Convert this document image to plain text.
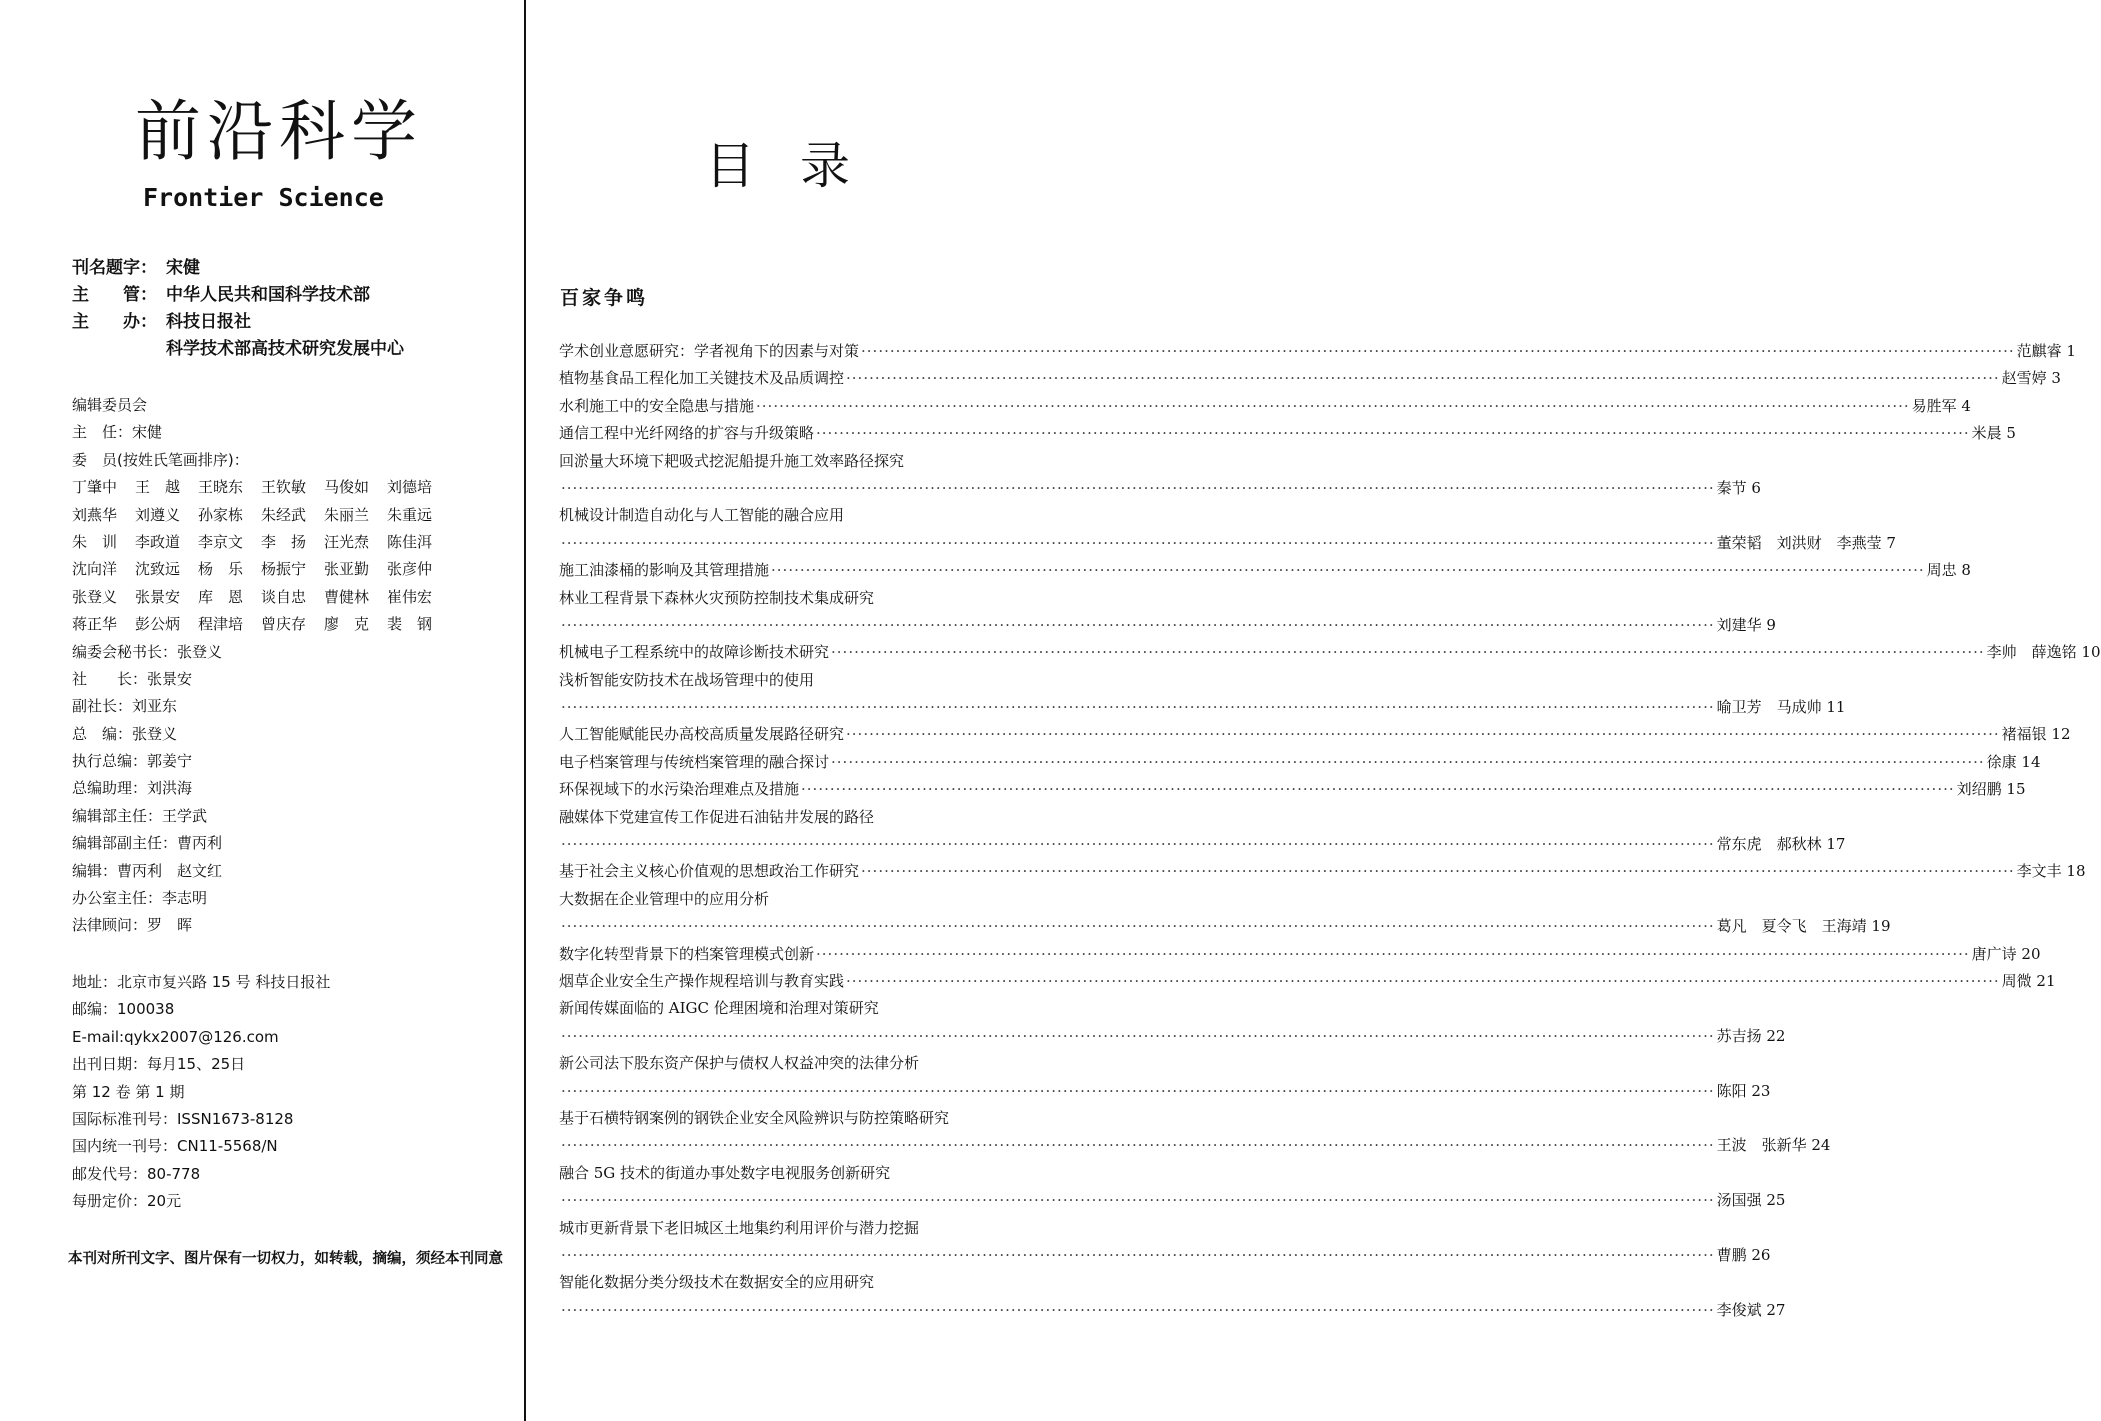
前沿科学
Frontier Science
刊名题字： 宋健
主　　管： 中华人民共和国科学技术部
主　　办： 科技日报社
科学技术部高技术研究发展中心
编辑委员会
主　任：宋健
委　员(按姓氏笔画排序)：
丁肇中	王　越	王晓东	王钦敏	马俊如	刘德培
刘燕华	刘遵义	孙家栋	朱经武	朱丽兰	朱重远
朱　训	李政道	李京文	李　扬	汪光焘	陈佳洱
沈向洋	沈致远	杨　乐	杨振宁	张亚勤	张彦仲
张登义	张景安	库　恩	谈自忠	曹健林	崔伟宏
蒋正华	彭公炳	程津培	曾庆存	廖　克	裴　钢
编委会秘书长：张登义
社　　长：张景安
副社长：刘亚东
总　编：张登义
执行总编：郭姜宁
总编助理：刘洪海
编辑部主任：王学武
编辑部副主任：曹丙利
编辑：曹丙利　赵文红
办公室主任：李志明
法律顾问：罗　晖
地址：北京市复兴路 15 号 科技日报社
邮编：100038
E-mail:qykx2007@126.com
出刊日期：每月15、25日
第 12 卷 第 1 期
国际标准刊号：ISSN1673-8128
国内统一刊号：CN11-5568/N
邮发代号：80-778
每册定价：20元
本刊对所刊文字、图片保有一切权力，如转载，摘编，须经本刊同意
目录
百家争鸣
学术创业意愿研究：学者视角下的因素与对策 ········································································································································································································ 范麒睿 1
植物基食品工程化加工关键技术及品质调控 ········································································································································································································ 赵雪婷 3
水利施工中的安全隐患与措施 ········································································································································································································ 易胜军 4
通信工程中光纤网络的扩容与升级策略 ········································································································································································································ 米晨 5
回淤量大环境下耙吸式挖泥船提升施工效率路径探究
········································································································································································································ 秦节 6
机械设计制造自动化与人工智能的融合应用
········································································································································································································ 董荣韬　刘洪财　李燕莹 7
施工油漆桶的影响及其管理措施 ········································································································································································································ 周忠 8
林业工程背景下森林火灾预防控制技术集成研究
········································································································································································································ 刘建华 9
机械电子工程系统中的故障诊断技术研究 ········································································································································································································ 李帅　薛逸铭 10
浅析智能安防技术在战场管理中的使用
········································································································································································································ 喻卫芳　马成帅 11
人工智能赋能民办高校高质量发展路径研究 ········································································································································································································ 褚福银 12
电子档案管理与传统档案管理的融合探讨 ········································································································································································································ 徐康 14
环保视域下的水污染治理难点及措施 ········································································································································································································ 刘绍鹏 15
融媒体下党建宣传工作促进石油钻井发展的路径
········································································································································································································ 常东虎　郝秋林 17
基于社会主义核心价值观的思想政治工作研究 ········································································································································································································ 李文丰 18
大数据在企业管理中的应用分析
········································································································································································································ 葛凡　夏令飞　王海靖 19
数字化转型背景下的档案管理模式创新 ········································································································································································································ 唐广诗 20
烟草企业安全生产操作规程培训与教育实践 ········································································································································································································ 周微 21
新闻传媒面临的 AIGC 伦理困境和治理对策研究
········································································································································································································ 苏吉扬 22
新公司法下股东资产保护与债权人权益冲突的法律分析
········································································································································································································ 陈阳 23
基于石横特钢案例的钢铁企业安全风险辨识与防控策略研究
········································································································································································································ 王波　张新华 24
融合 5G 技术的街道办事处数字电视服务创新研究
········································································································································································································ 汤国强 25
城市更新背景下老旧城区土地集约利用评价与潜力挖掘
········································································································································································································ 曹鹏 26
智能化数据分类分级技术在数据安全的应用研究
········································································································································································································ 李俊斌 27
